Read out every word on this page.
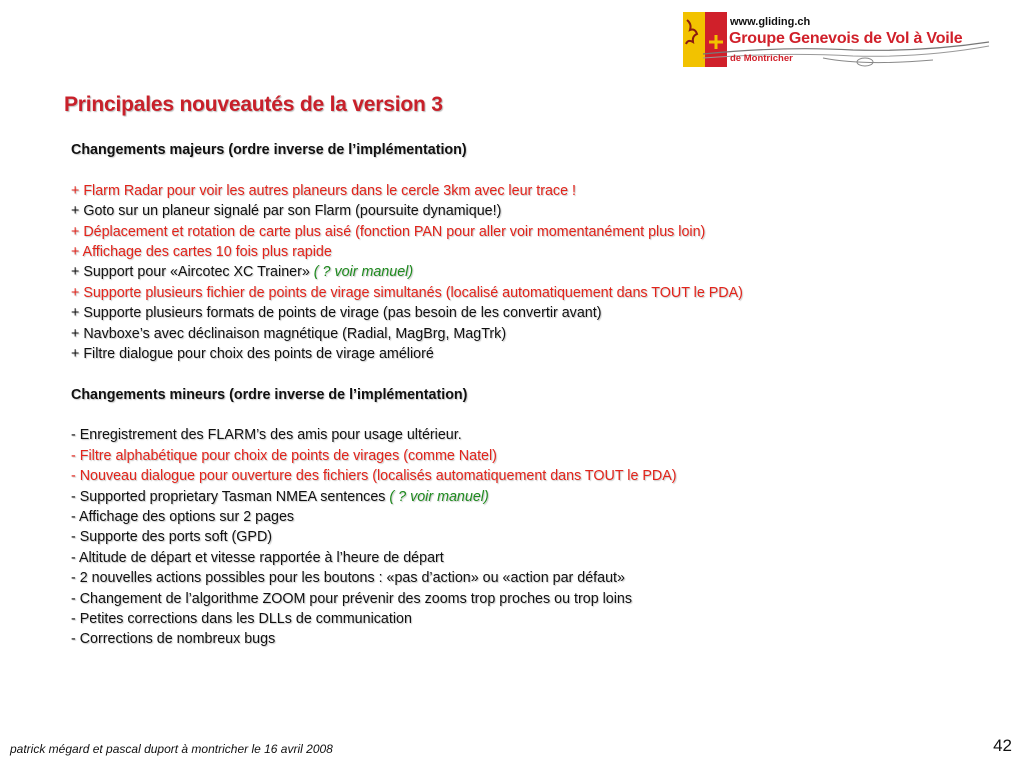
www.gliding.ch
Groupe Genevois de Vol à Voile
de Montricher
Principales nouveautés de la version 3
Changements majeurs (ordre inverse de l’implémentation)
+ Flarm Radar pour voir les autres planeurs dans le cercle 3km avec leur trace !
+ Goto sur un planeur signalé par son Flarm (poursuite dynamique!)
+ Déplacement et rotation de carte plus aisé (fonction PAN pour aller voir momentanément plus loin)
+ Affichage des cartes 10 fois plus rapide
+ Support pour «Aircotec XC Trainer» ( ? voir manuel)
+ Supporte plusieurs fichier de points de virage simultanés (localisé automatiquement dans TOUT le PDA)
+ Supporte plusieurs formats de points de virage (pas besoin de les convertir avant)
+ Navboxe’s avec déclinaison magnétique (Radial, MagBrg, MagTrk)
+ Filtre dialogue pour choix des points de virage amélioré
Changements mineurs (ordre inverse de l’implémentation)
- Enregistrement des FLARM’s des amis pour usage ultérieur.
- Filtre alphabétique pour choix de points de virages (comme Natel)
- Nouveau dialogue pour ouverture des fichiers (localisés automatiquement dans TOUT le PDA)
- Supported proprietary Tasman NMEA sentences ( ? voir manuel)
- Affichage des options sur 2 pages
- Supporte des ports soft (GPD)
- Altitude de départ et vitesse rapportée à l’heure de départ
- 2 nouvelles actions possibles pour les boutons : «pas d’action» ou «action par défaut»
- Changement de l’algorithme ZOOM pour prévenir des zooms trop proches ou trop loins
- Petites corrections dans les DLLs de communication
- Corrections de nombreux bugs
patrick mégard et pascal duport à montricher le 16 avril 2008	42
